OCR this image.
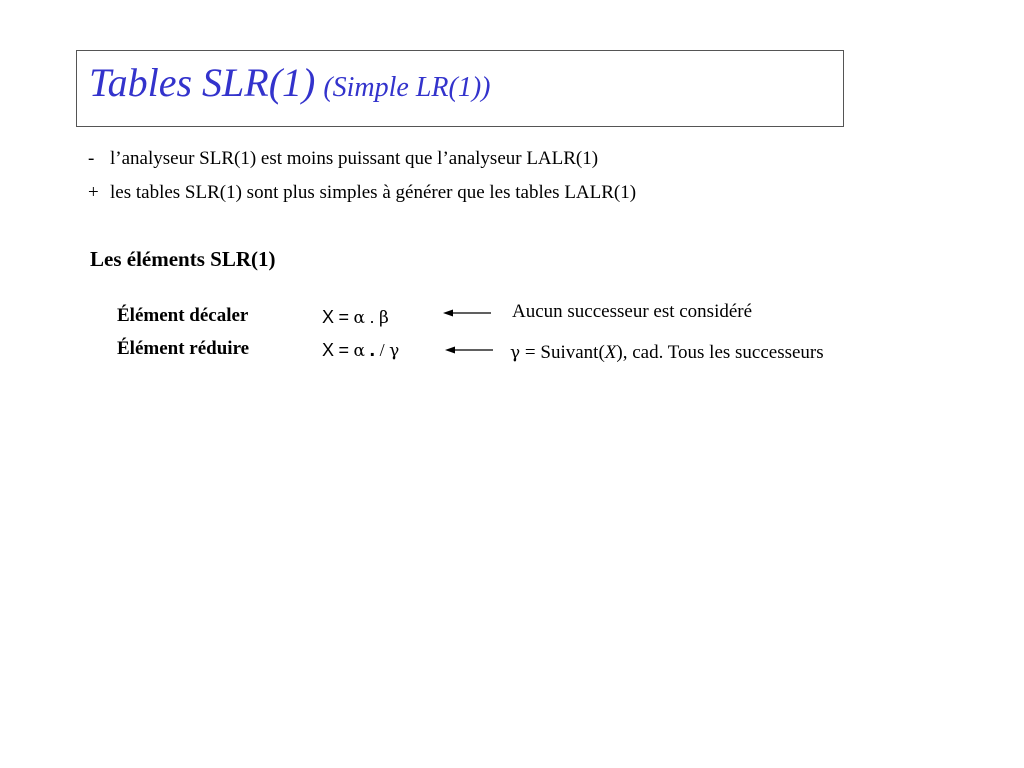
Tables SLR(1) (Simple LR(1))
- l’analyseur SLR(1) est moins puissant que l’analyseur LALR(1)
+ les tables SLR(1) sont plus simples à générer que les tables LALR(1)
Les éléments SLR(1)
Élément décaler	X = α . β	Aucun successeur est considéré
Élément réduire	X = α . / γ	γ = Suivant(X), cad. Tous les successeurs
